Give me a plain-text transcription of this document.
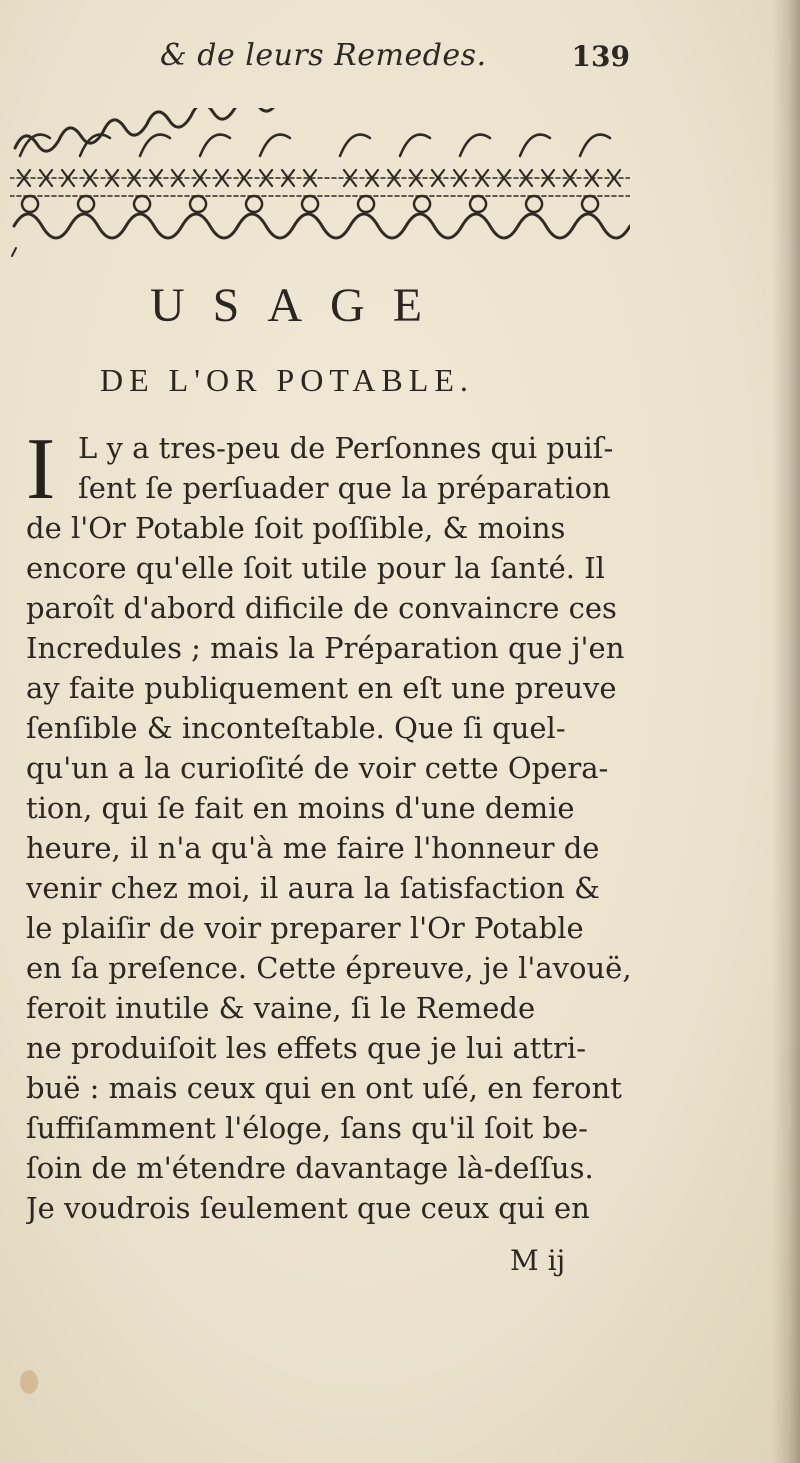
& de leurs Remedes.	139
USAGE
DE L'OR POTABLE.
I L y a tres-peu de Perſonnes qui puiſ-
ſent ſe perſuader que la préparation
de l'Or Potable ſoit poſſible, & moins
encore qu'elle ſoit utile pour la ſanté. Il
paroît d'abord dificile de convaincre ces
Incredules ; mais la Préparation que j'en
ay faite publiquement en eſt une preuve
ſenſible & inconteſtable. Que ſi quel-
qu'un a la curioſité de voir cette Opera-
tion, qui ſe fait en moins d'une demie
heure, il n'a qu'à me faire l'honneur de
venir chez moi, il aura la ſatisfaction &
le plaiſir de voir preparer l'Or Potable
en ſa preſence. Cette épreuve, je l'avouë,
feroit inutile & vaine, ſi le Remede
ne produiſoit les effets que je lui attri-
buë : mais ceux qui en ont uſé, en feront
ſuffiſamment l'éloge, ſans qu'il ſoit be-
ſoin de m'étendre davantage là-deſſus.
Je voudrois ſeulement que ceux qui en
M ij
